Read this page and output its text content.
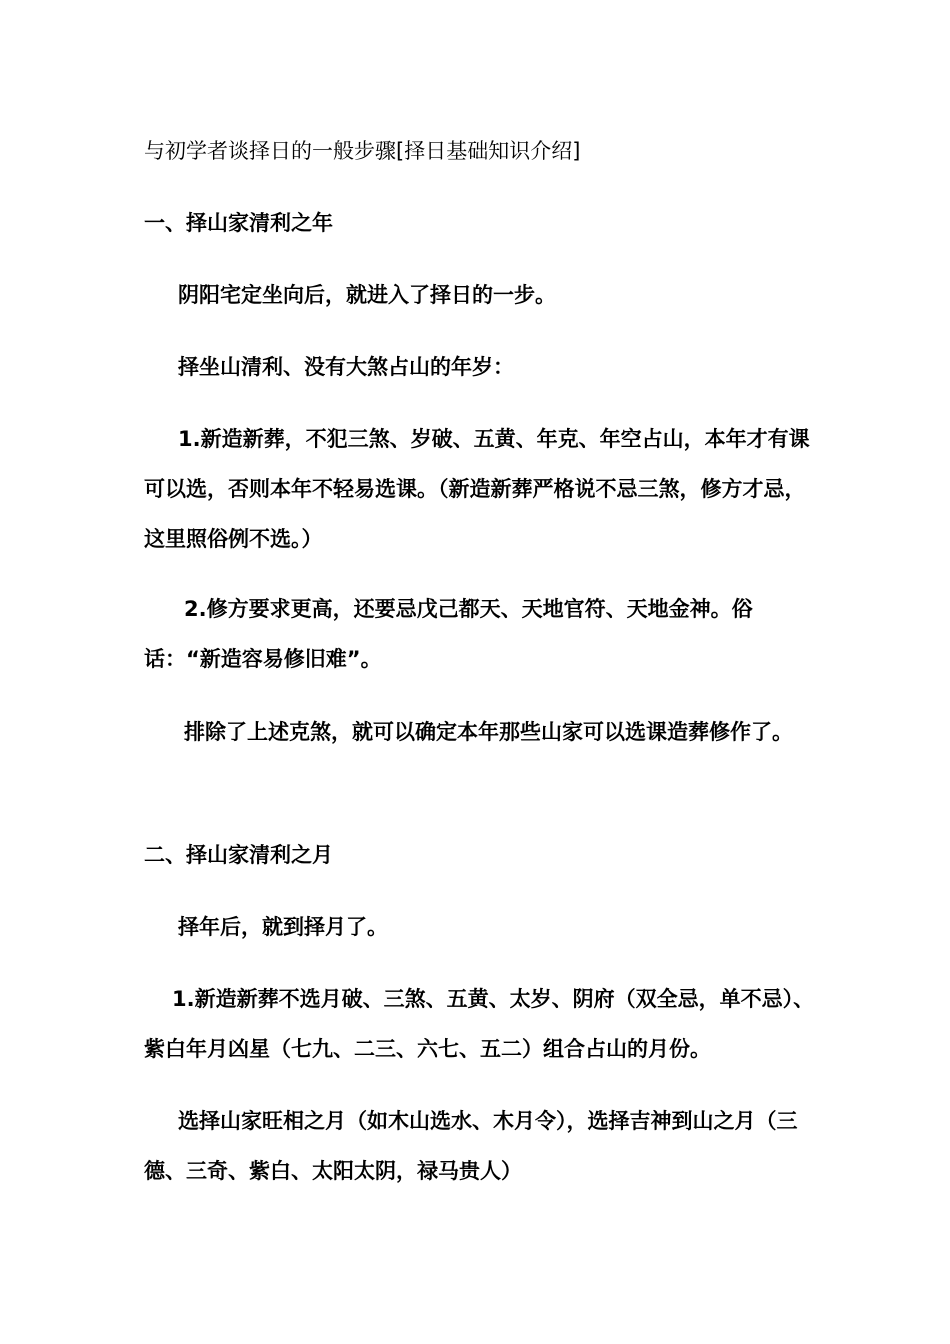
与初学者谈择日的一般步骤[择日基础知识介绍]
一、择山家清利之年
阴阳宅定坐向后，就进入了择日的一步。
择坐山清利、没有大煞占山的年岁：
1.新造新葬，不犯三煞、岁破、五黄、年克、年空占山，本年才有课可以选，否则本年不轻易选课。（新造新葬严格说不忌三煞，修方才忌，这里照俗例不选。）
2.修方要求更高，还要忌戊己都天、天地官符、天地金神。俗话：“新造容易修旧难”。
排除了上述克煞，就可以确定本年那些山家可以选课造葬修作了。
二、择山家清利之月
择年后，就到择月了。
1.新造新葬不选月破、三煞、五黄、太岁、阴府（双全忌，单不忌）、紫白年月凶星（七九、二三、六七、五二）组合占山的月份。
选择山家旺相之月（如木山选水、木月令），选择吉神到山之月（三德、三奇、紫白、太阳太阴，禄马贵人）
